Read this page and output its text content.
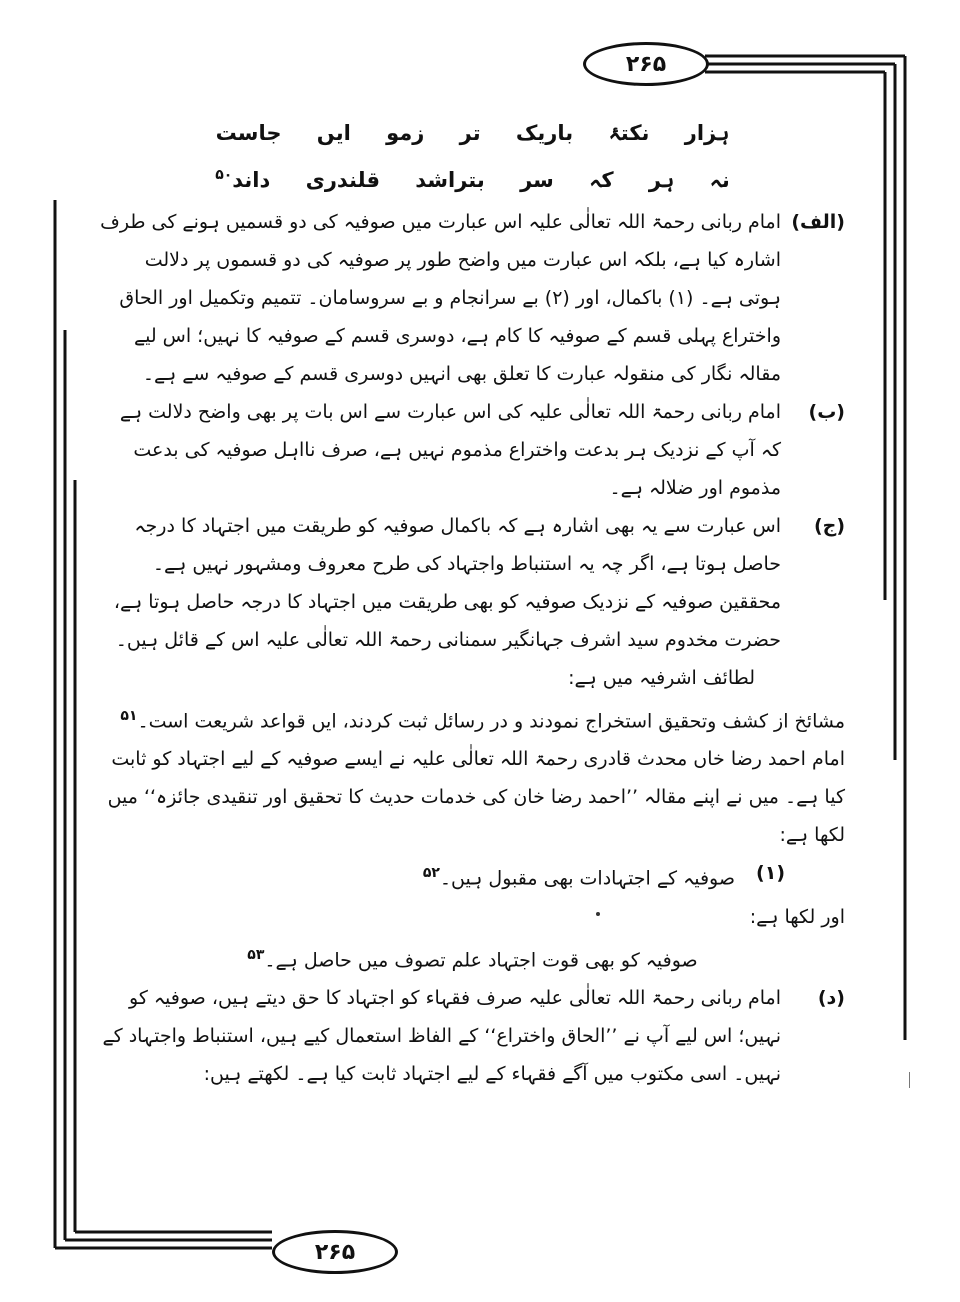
۲۶۵
۲۶۵
ہزار نکتۂ باریک تر زمو ایں جاست
نہ ہر کہ سر بتراشد قلندری داند$^{۵۰}$
(الف)
امام ربانی رحمۃ اللہ تعالٰی علیہ اس عبارت میں صوفیہ کی دو قسمیں ہونے کی طرف اشارہ کیا ہے، بلکہ اس عبارت میں واضح طور پر صوفیہ کی دو قسموں پر دلالت ہوتی ہے۔ (۱) باکمال، اور (۲) بے سرانجام و بے سروسامان۔ تتمیم وتکمیل اور الحاق واختراع پہلی قسم کے صوفیہ کا کام ہے، دوسری قسم کے صوفیہ کا نہیں؛ اس لیے مقالہ نگار کی منقولہ عبارت کا تعلق بھی انہیں دوسری قسم کے صوفیہ سے ہے۔
(ب)
امام ربانی رحمۃ اللہ تعالٰی علیہ کی اس عبارت سے اس بات پر بھی واضح دلالت ہے کہ آپ کے نزدیک ہر بدعت واختراع مذموم نہیں ہے، صرف نااہل صوفیہ کی بدعت مذموم اور ضلالہ ہے۔
(ج)
اس عبارت سے یہ بھی اشارہ ہے کہ باکمال صوفیہ کو طریقت میں اجتہاد کا درجہ حاصل ہوتا ہے، اگر چہ یہ استنباط واجتہاد کی طرح معروف ومشہور نہیں ہے۔ محققین صوفیہ کے نزدیک صوفیہ کو بھی طریقت میں اجتہاد کا درجہ حاصل ہوتا ہے، حضرت مخدوم سید اشرف جہانگیر سمنانی رحمۃ اللہ تعالٰی علیہ اس کے قائل ہیں۔

لطائف اشرفیہ میں ہے:

مشائخ از کشف وتحقیق استخراج نمودند و در رسائل ثبت کردند، ایں قواعد شریعت است۔$^{۵۱}$

امام احمد رضا خاں محدث قادری رحمۃ اللہ تعالٰی علیہ نے ایسے صوفیہ کے لیے اجتہاد کو ثابت کیا ہے۔ میں نے اپنے مقالہ ’’احمد رضا خان کی خدمات حدیث کا تحقیق اور تنقیدی جائزہ‘‘ میں لکھا ہے:

(۱)
صوفیہ کے اجتہادات بھی مقبول ہیں۔$^{۵۲}$

اور لکھا ہے:

صوفیہ کو بھی قوت اجتہاد علم تصوف میں حاصل ہے۔$^{۵۳}$

(د)
امام ربانی رحمۃ اللہ تعالٰی علیہ صرف فقہاء کو اجتہاد کا حق دیتے ہیں، صوفیہ کو نہیں؛ اس لیے آپ نے ’’الحاق واختراع‘‘ کے الفاظ استعمال کیے ہیں، استنباط واجتہاد کے نہیں۔ اسی مکتوب میں آگے فقہاء کے لیے اجتہاد ثابت کیا ہے۔ لکھتے ہیں:
